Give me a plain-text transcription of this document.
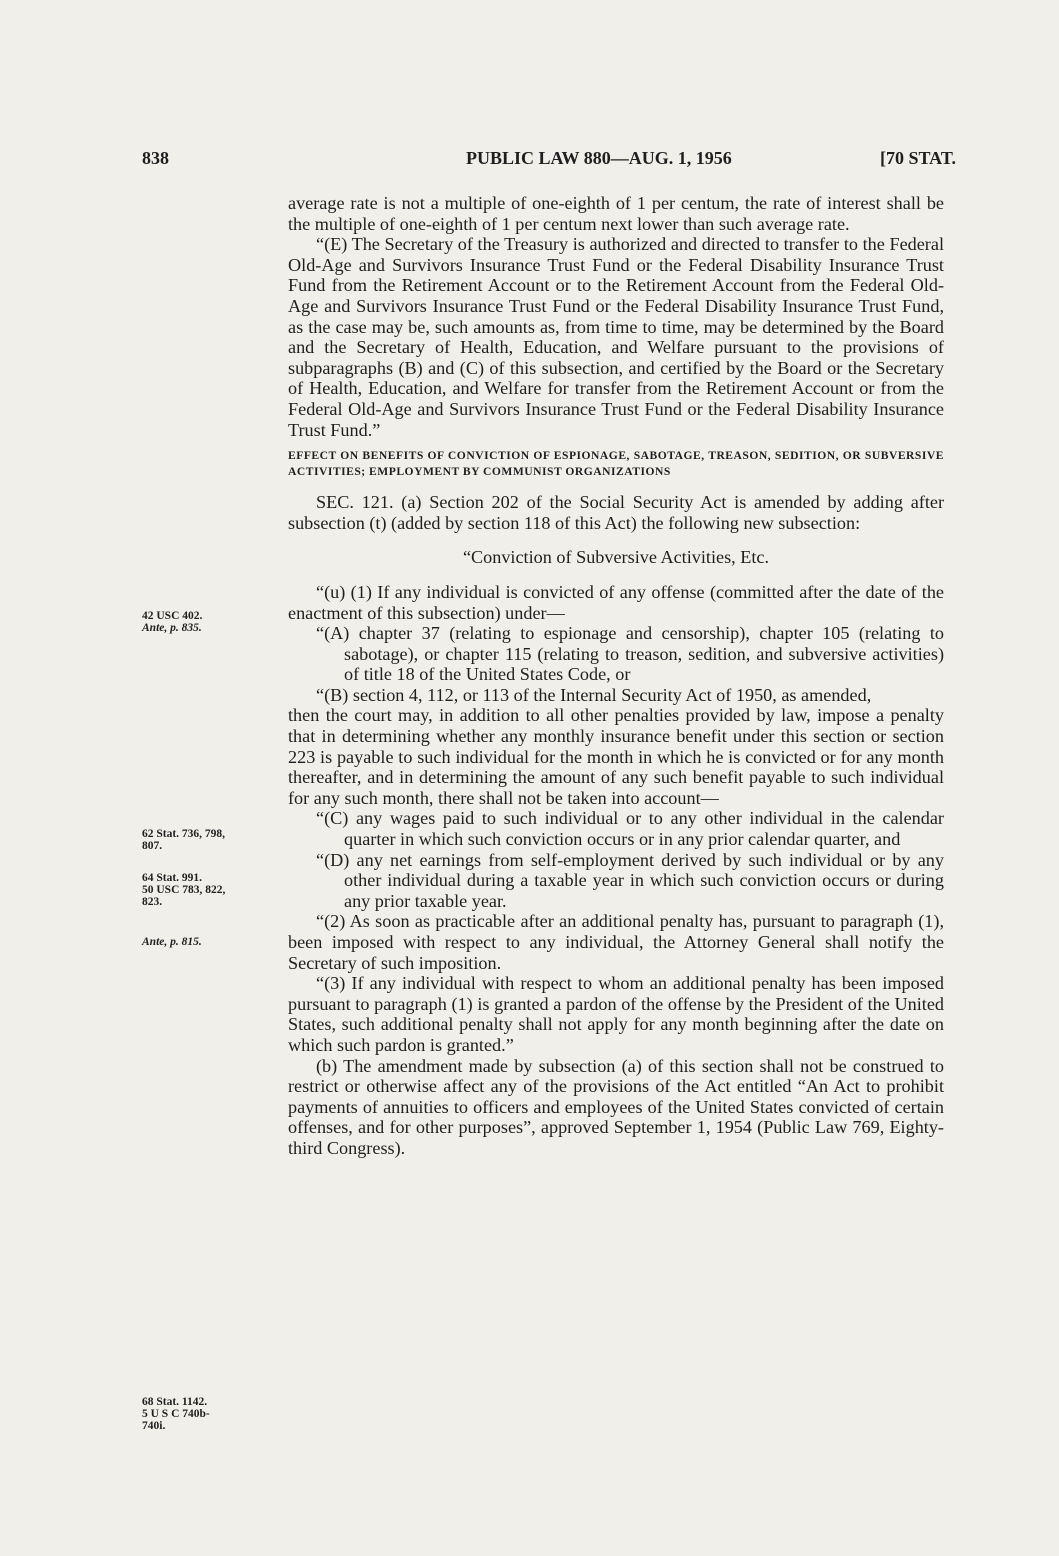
838	PUBLIC LAW 880—AUG. 1, 1956	[70 STAT.
42 USC 402.
Ante, p. 835.
62 Stat. 736, 798,
807.
64 Stat. 991.
50 USC 783, 822,
823.
Ante, p. 815.
68 Stat. 1142.
5 U S C 740b-
740i.

average rate is not a multiple of one-eighth of 1 per centum, the rate of interest shall be the multiple of one-eighth of 1 per centum next lower than such average rate.

“(E) The Secretary of the Treasury is authorized and directed to transfer to the Federal Old-Age and Survivors Insurance Trust Fund or the Federal Disability Insurance Trust Fund from the Retirement Account or to the Retirement Account from the Federal Old-Age and Survivors Insurance Trust Fund or the Federal Disability Insurance Trust Fund, as the case may be, such amounts as, from time to time, may be determined by the Board and the Secretary of Health, Education, and Welfare pursuant to the provisions of subparagraphs (B) and (C) of this subsection, and certified by the Board or the Secretary of Health, Education, and Welfare for transfer from the Retirement Account or from the Federal Old-Age and Survivors Insurance Trust Fund or the Federal Disability Insurance Trust Fund.”

EFFECT ON BENEFITS OF CONVICTION OF ESPIONAGE, SABOTAGE, TREASON, SEDITION, OR SUBVERSIVE ACTIVITIES; EMPLOYMENT BY COMMUNIST ORGANIZATIONS

SEC. 121. (a) Section 202 of the Social Security Act is amended by adding after subsection (t) (added by section 118 of this Act) the following new subsection:

“Conviction of Subversive Activities, Etc.

“(u) (1) If any individual is convicted of any offense (committed after the date of the enactment of this subsection) under—

“(A) chapter 37 (relating to espionage and censorship), chapter 105 (relating to sabotage), or chapter 115 (relating to treason, sedition, and subversive activities) of title 18 of the United States Code, or

“(B) section 4, 112, or 113 of the Internal Security Act of 1950, as amended,

then the court may, in addition to all other penalties provided by law, impose a penalty that in determining whether any monthly insurance benefit under this section or section 223 is payable to such individual for the month in which he is convicted or for any month thereafter, and in determining the amount of any such benefit payable to such individual for any such month, there shall not be taken into account—

“(C) any wages paid to such individual or to any other individual in the calendar quarter in which such conviction occurs or in any prior calendar quarter, and

“(D) any net earnings from self-employment derived by such individual or by any other individual during a taxable year in which such conviction occurs or during any prior taxable year.

“(2) As soon as practicable after an additional penalty has, pursuant to paragraph (1), been imposed with respect to any individual, the Attorney General shall notify the Secretary of such imposition.

“(3) If any individual with respect to whom an additional penalty has been imposed pursuant to paragraph (1) is granted a pardon of the offense by the President of the United States, such additional penalty shall not apply for any month beginning after the date on which such pardon is granted.”

(b) The amendment made by subsection (a) of this section shall not be construed to restrict or otherwise affect any of the provisions of the Act entitled “An Act to prohibit payments of annuities to officers and employees of the United States convicted of certain offenses, and for other purposes”, approved September 1, 1954 (Public Law 769, Eighty-third Congress).
